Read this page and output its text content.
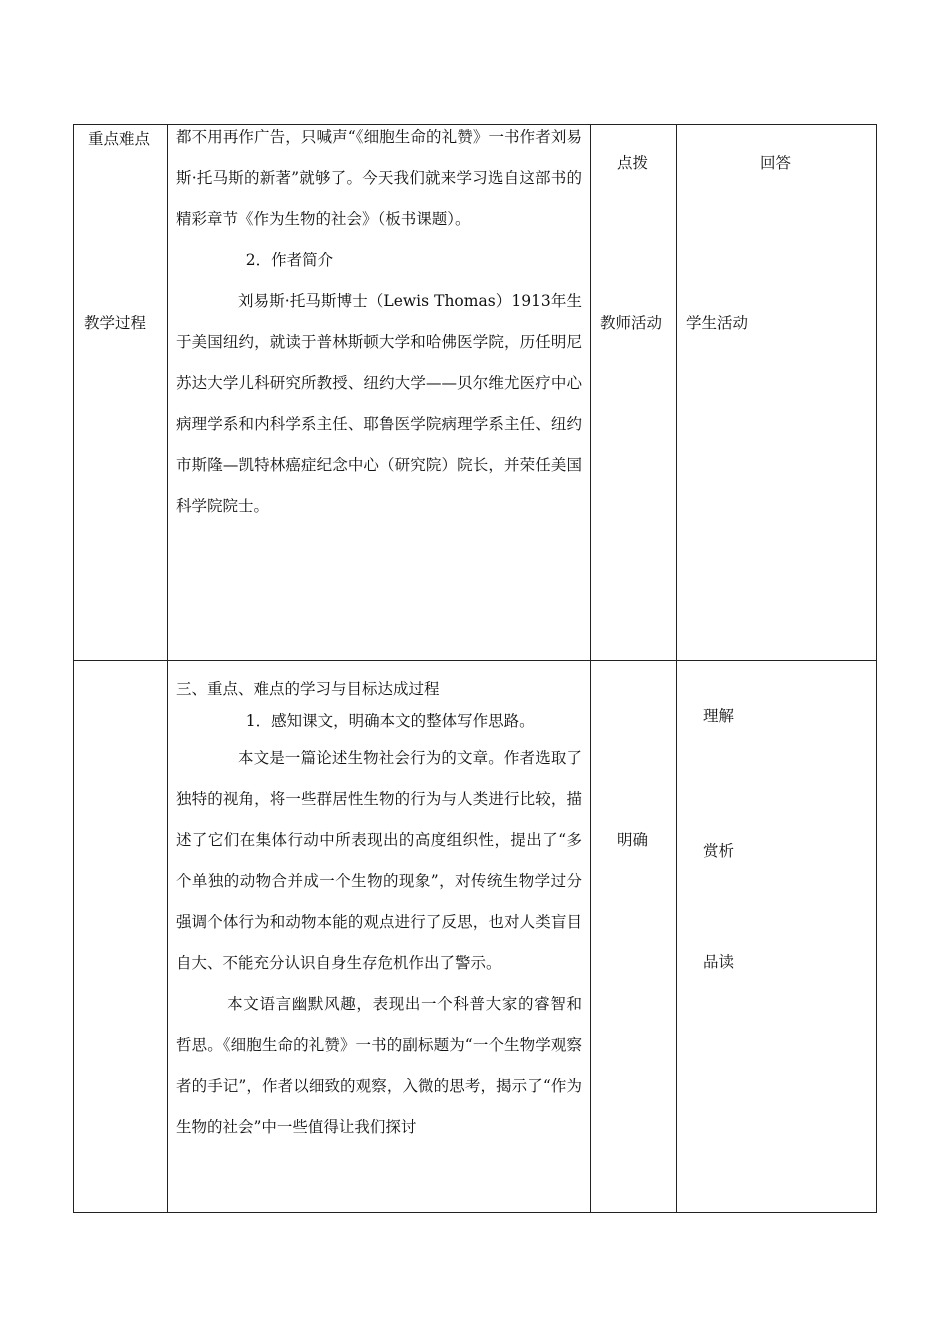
重点难点
教学过程
点拨
教师活动
回答
学生活动

都不用再作广告，只喊声“《细胞生命的礼赞》一书作者刘易斯·托马斯的新著”就够了。今天我们就来学习选自这部书的精彩章节《作为生物的社会》（板书课题）。

2．作者简介

刘易斯·托马斯博士（Lewis Thomas）1913年生于美国纽约，就读于普林斯顿大学和哈佛医学院，历任明尼苏达大学儿科研究所教授、纽约大学——贝尔维尤医疗中心病理学系和内科学系主任、耶鲁医学院病理学系主任、纽约市斯隆—凯特林癌症纪念中心（研究院）院长，并荣任美国科学院院士。

明确
理解
赏析
品读

三、重点、难点的学习与目标达成过程

1．感知课文，明确本文的整体写作思路。

本文是一篇论述生物社会行为的文章。作者选取了独特的视角，将一些群居性生物的行为与人类进行比较，描述了它们在集体行动中所表现出的高度组织性，提出了“多个单独的动物合并成一个生物的现象”，对传统生物学过分强调个体行为和动物本能的观点进行了反思，也对人类盲目自大、不能充分认识自身生存危机作出了警示。

本文语言幽默风趣，表现出一个科普大家的睿智和哲思。《细胞生命的礼赞》一书的副标题为“一个生物学观察者的手记”，作者以细致的观察，入微的思考，揭示了“作为生物的社会”中一些值得让我们探讨
